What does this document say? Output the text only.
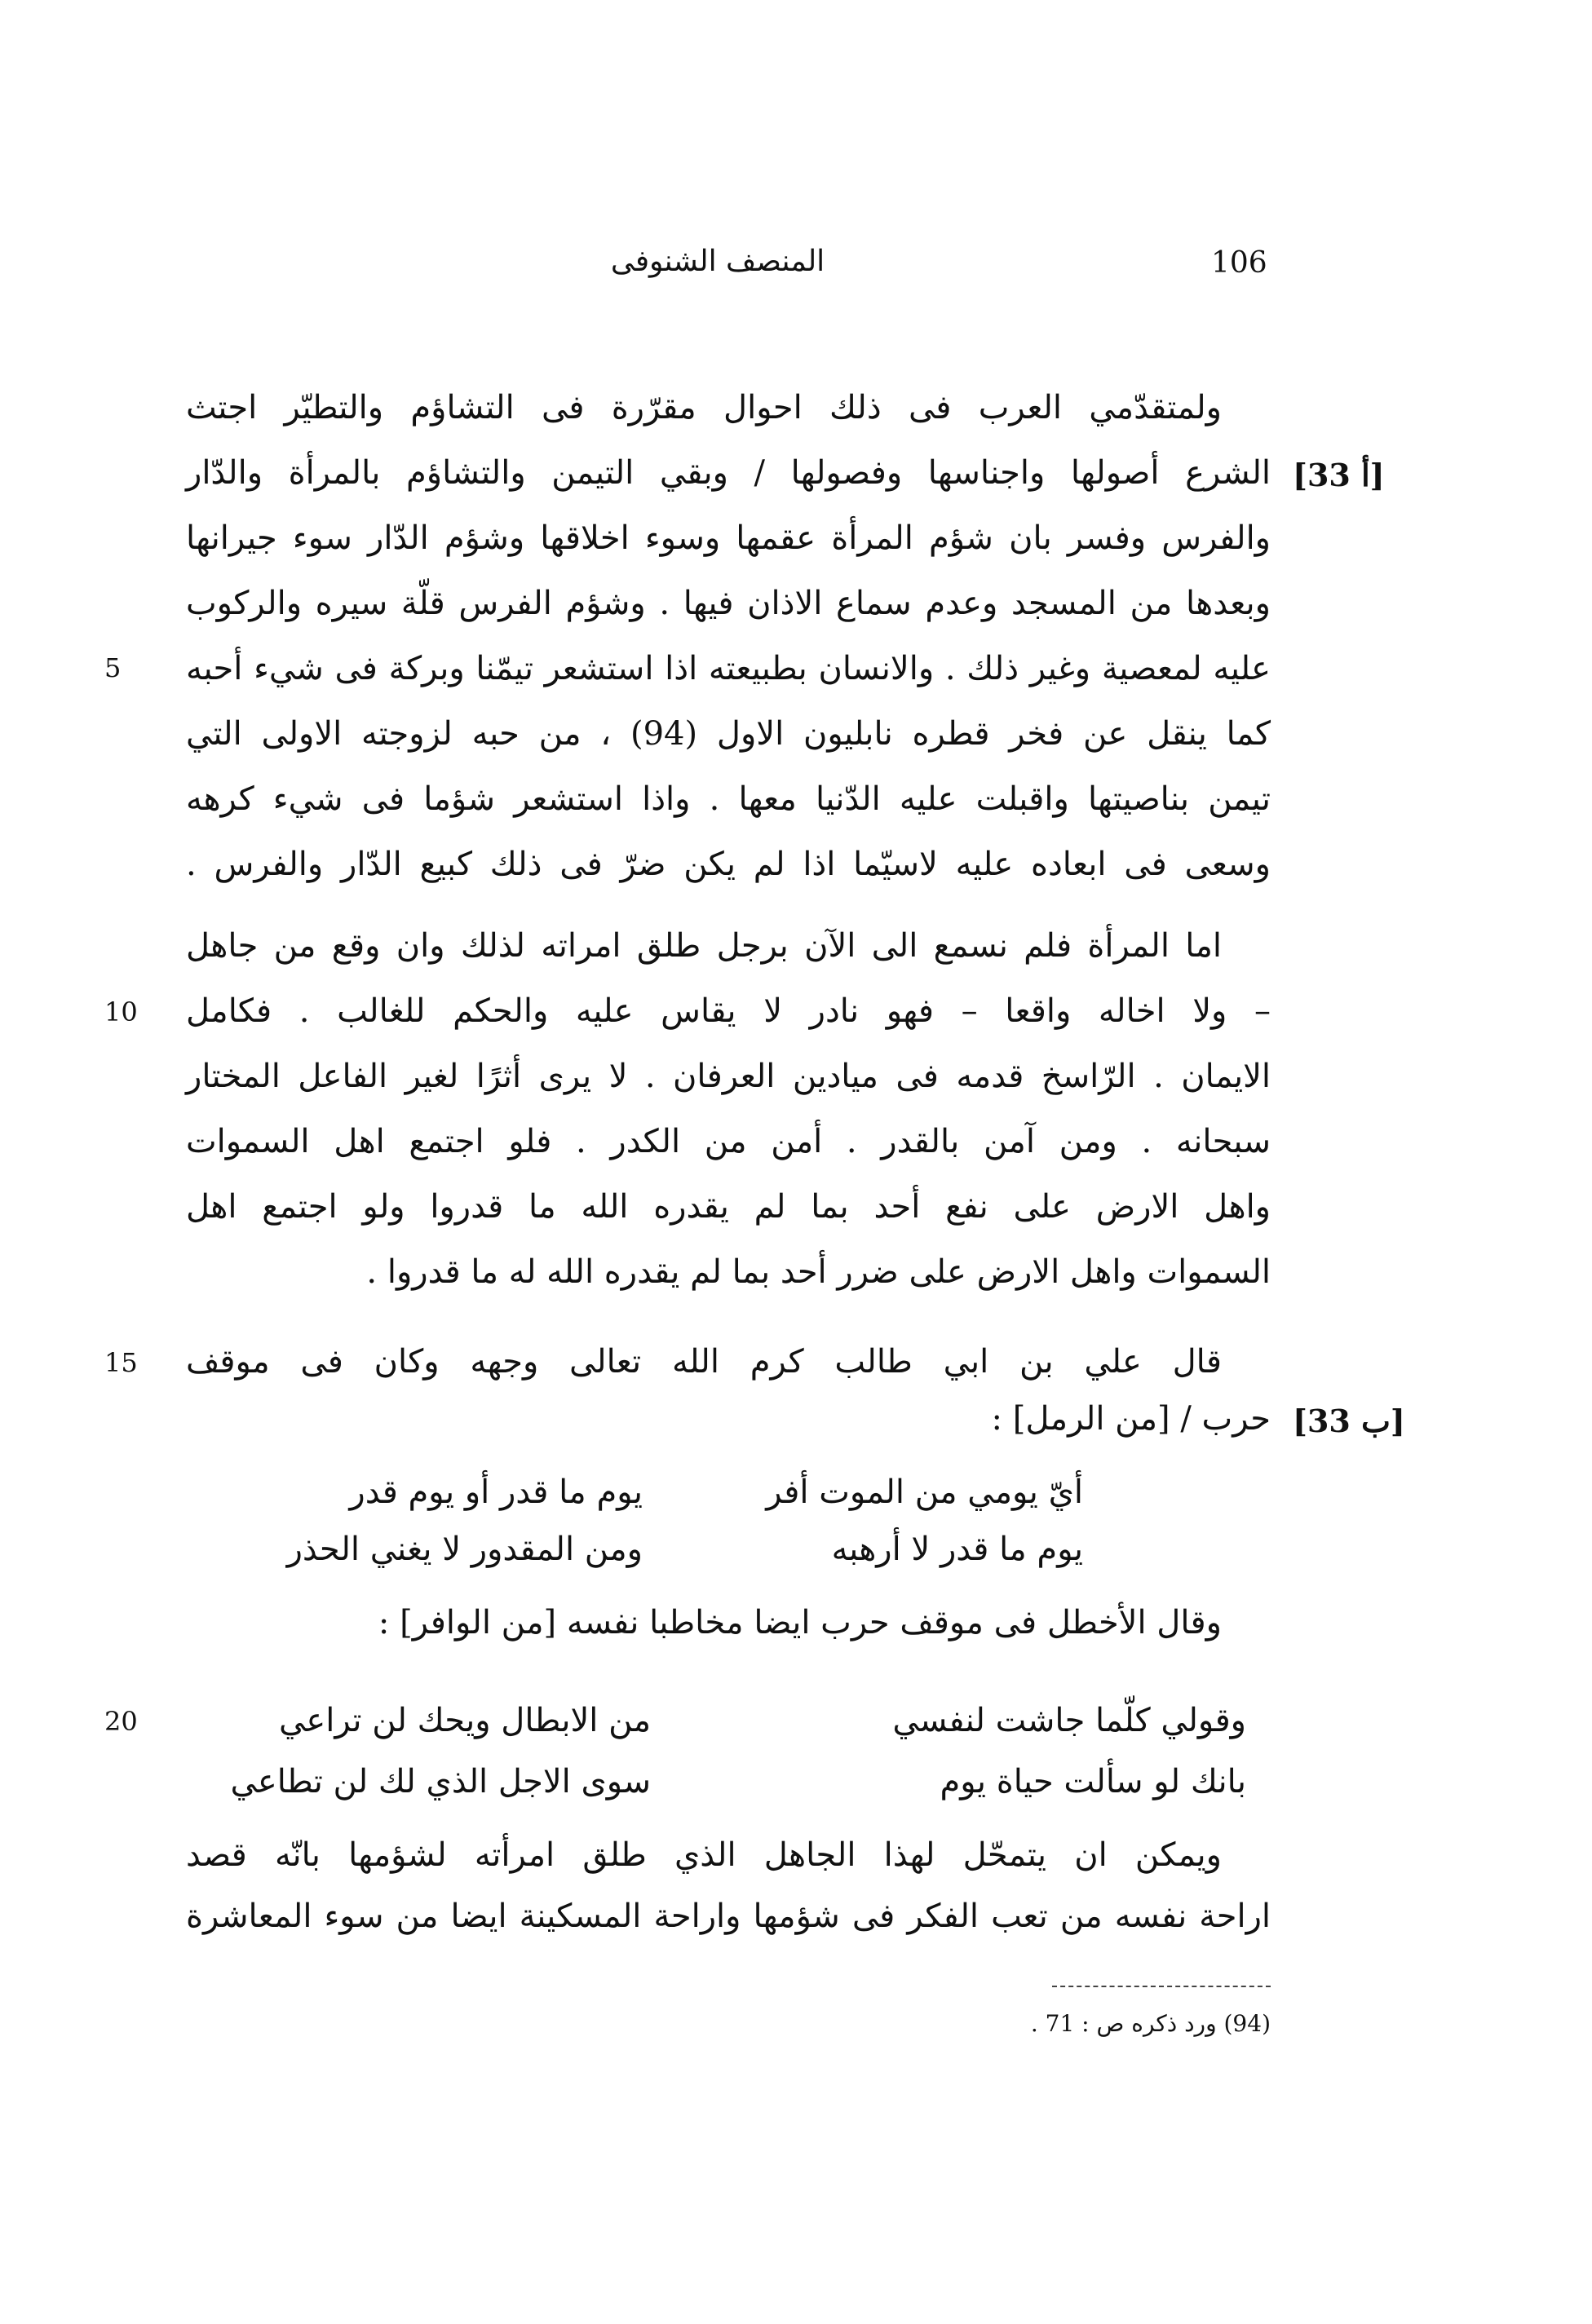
106
المنصف الشنوفى
ولمتقدّمي العرب فى ذلك احوال مقرّرة فى التشاؤم والتطيّر اجتث
الشرع أصولها واجناسها وفصولها / وبقي التيمن والتشاؤم بالمرأة والدّار
والفرس وفسر بان شؤم المرأة عقمها وسوء اخلاقها وشؤم الدّار سوء جيرانها
وبعدها من المسجد وعدم سماع الاذان فيها . وشؤم الفرس قلّة سيره والركوب
عليه لمعصية وغير ذلك . والانسان بطبيعته اذا استشعر تيمّنا وبركة فى شيء أحبه
كما ينقل عن فخر قطره نابليون الاول (94) ، من حبه لزوجته الاولى التي
تيمن بناصيتها واقبلت عليه الدّنيا معها . واذا استشعر شؤما فى شيء كرهه
وسعى فى ابعاده عليه لاسيّما اذا لم يكن ضرّ فى ذلك كبيع الدّار والفرس .
اما المرأة فلم نسمع الى الآن برجل طلق امراته لذلك وان وقع من جاهل
– ولا اخاله واقعا – فهو نادر لا يقاس عليه والحكم للغالب . فكامل
الايمان . الرّاسخ قدمه فى ميادين العرفان . لا يرى أثرًا لغير الفاعل المختار
سبحانه . ومن آمن بالقدر . أمن من الكدر . فلو اجتمع اهل السموات
واهل الارض على نفع أحد بما لم يقدره الله ما قدروا ولو اجتمع اهل
السموات واهل الارض على ضرر أحد بما لم يقدره الله له ما قدروا .
قال علي بن ابي طالب كرم الله تعالى وجهه وكان فى موقف
حرب / [من الرمل] :
أيّ يومي من الموت أفر
يوم ما قدر أو يوم قدر
يوم ما قدر لا أرهبه
ومن المقدور لا يغني الحذر
وقال الأخطل فى موقف حرب ايضا مخاطبا نفسه [من الوافر] :
وقولي كلّما جاشت لنفسي
من الابطال ويحك لن تراعي
بانك لو سألت حياة يوم
سوى الاجل الذي لك لن تطاعي
ويمكن ان يتمحّل لهذا الجاهل الذي طلق امرأته لشؤمها بانّه قصد
اراحة نفسه من تعب الفكر فى شؤمها واراحة المسكينة ايضا من سوء المعاشرة
[33 أ]
[33 ب]
5
10
15
20
(94) ورد ذكره ص : 71 .
